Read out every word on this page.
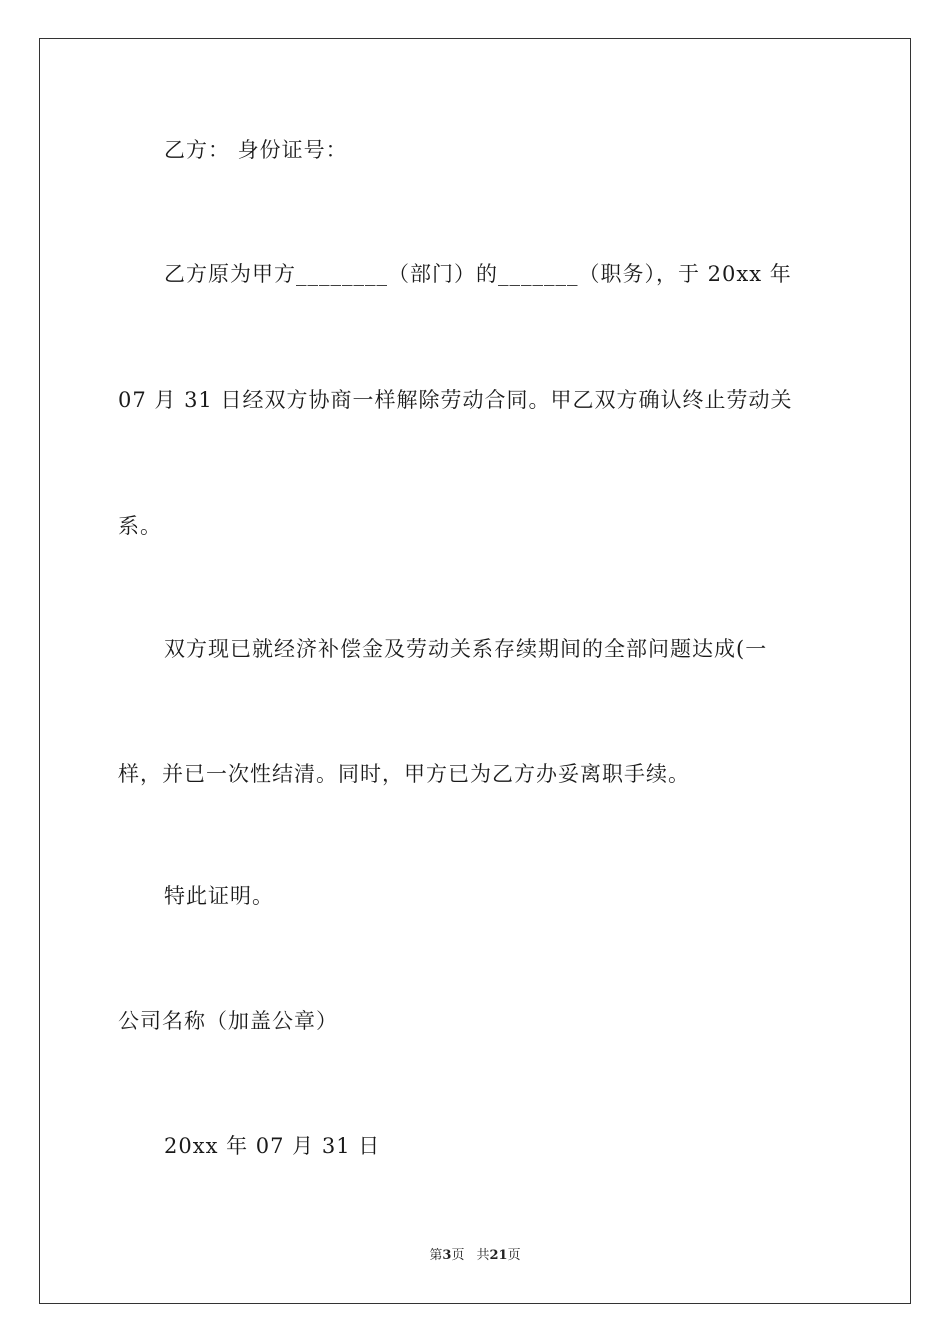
乙方： 身份证号：
乙方原为甲方________（部门）的_______（职务），于 20xx 年
07 月 31 日经双方协商一样解除劳动合同。甲乙双方确认终止劳动关
系。
双方现已就经济补偿金及劳动关系存续期间的全部问题达成(一
样，并已一次性结清。同时，甲方已为乙方办妥离职手续。
特此证明。
公司名称（加盖公章）
20xx 年 07 月 31 日
第3页 共21页
